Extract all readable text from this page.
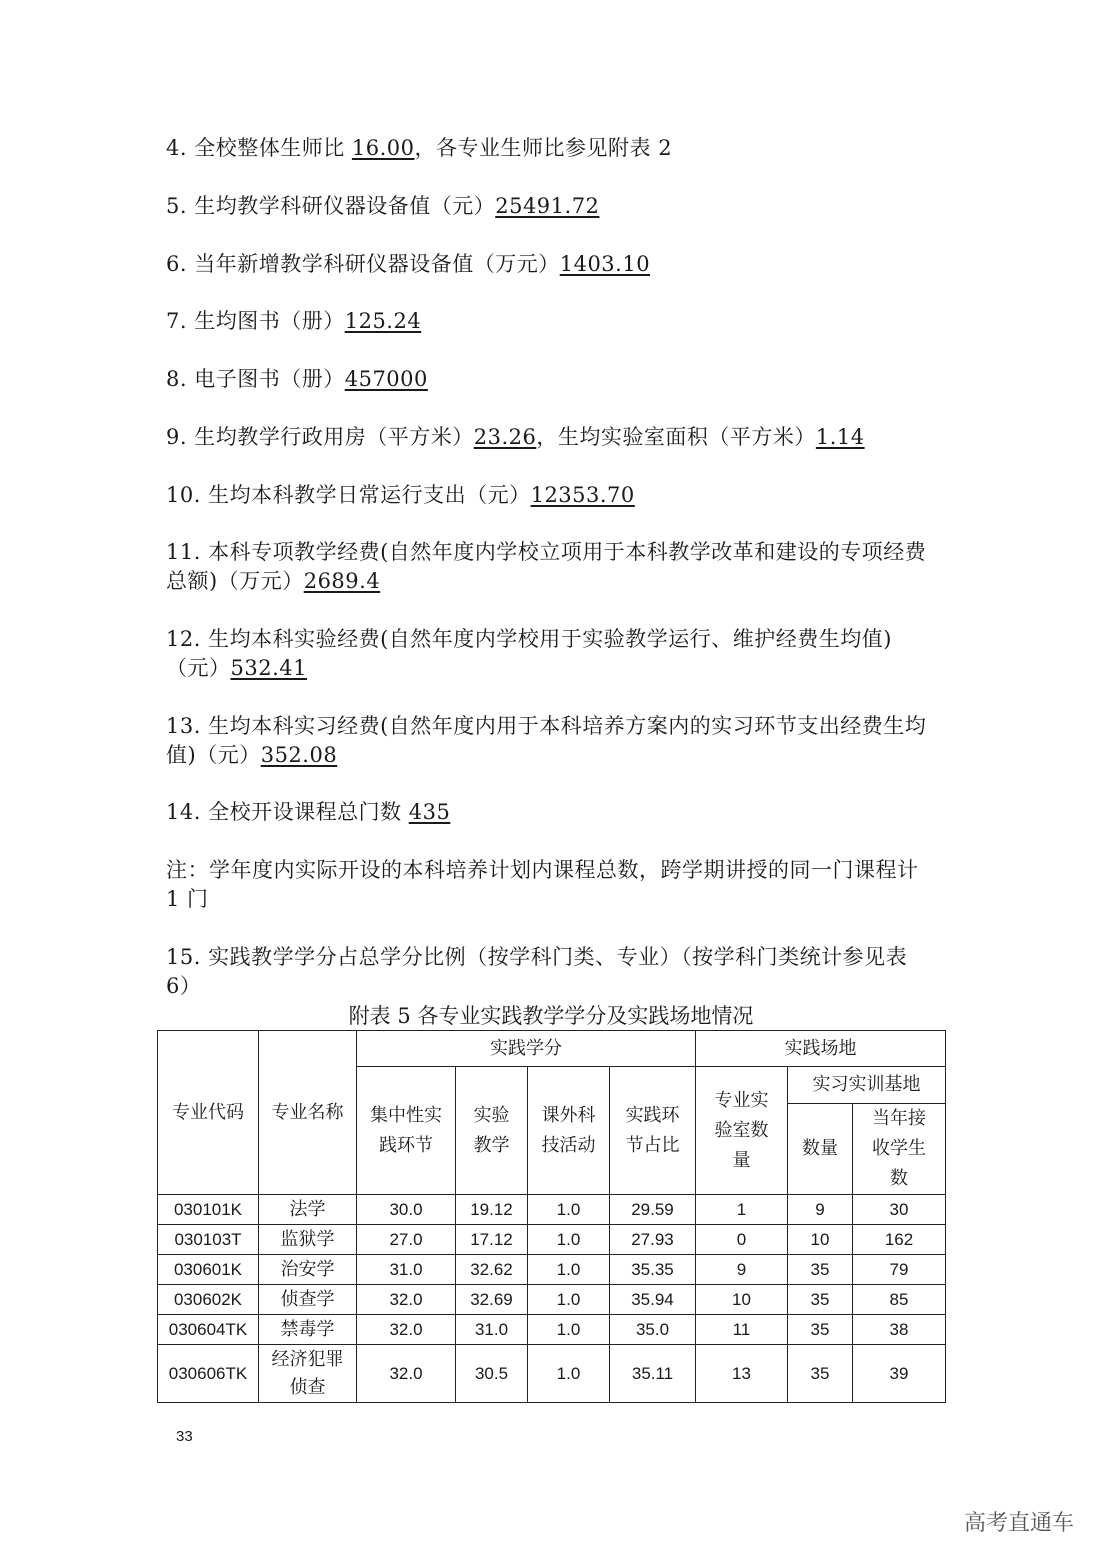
4. 全校整体生师比 16.00，各专业生师比参见附表 2
5. 生均教学科研仪器设备值（元）25491.72
6. 当年新增教学科研仪器设备值（万元）1403.10
7. 生均图书（册）125.24
8. 电子图书（册）457000
9. 生均教学行政用房（平方米）23.26，生均实验室面积（平方米）1.14
10. 生均本科教学日常运行支出（元）12353.70
11. 本科专项教学经费(自然年度内学校立项用于本科教学改革和建设的专项经费总额)（万元）2689.4
12. 生均本科实验经费(自然年度内学校用于实验教学运行、维护经费生均值)（元）532.41
13. 生均本科实习经费(自然年度内用于本科培养方案内的实习环节支出经费生均值)（元）352.08
14. 全校开设课程总门数 435
注：学年度内实际开设的本科培养计划内课程总数，跨学期讲授的同一门课程计 1 门
15. 实践教学学分占总学分比例（按学科门类、专业）（按学科门类统计参见表 6）
附表 5 各专业实践教学学分及实践场地情况
专业代码	专业名称	实践学分				实践场地		
		集中性实践环节	实验教学	课外科技活动	实践环节占比	专业实验室数量	实习实训基地	
							数量	当年接收学生数
030101K	法学	30.0	19.12	1.0	29.59	1	9	30
030103T	监狱学	27.0	17.12	1.0	27.93	0	10	162
030601K	治安学	31.0	32.62	1.0	35.35	9	35	79
030602K	侦查学	32.0	32.69	1.0	35.94	10	35	85
030604TK	禁毒学	32.0	31.0	1.0	35.0	11	35	38
030606TK	经济犯罪侦查	32.0	30.5	1.0	35.11	13	35	39
33
高考直通车
